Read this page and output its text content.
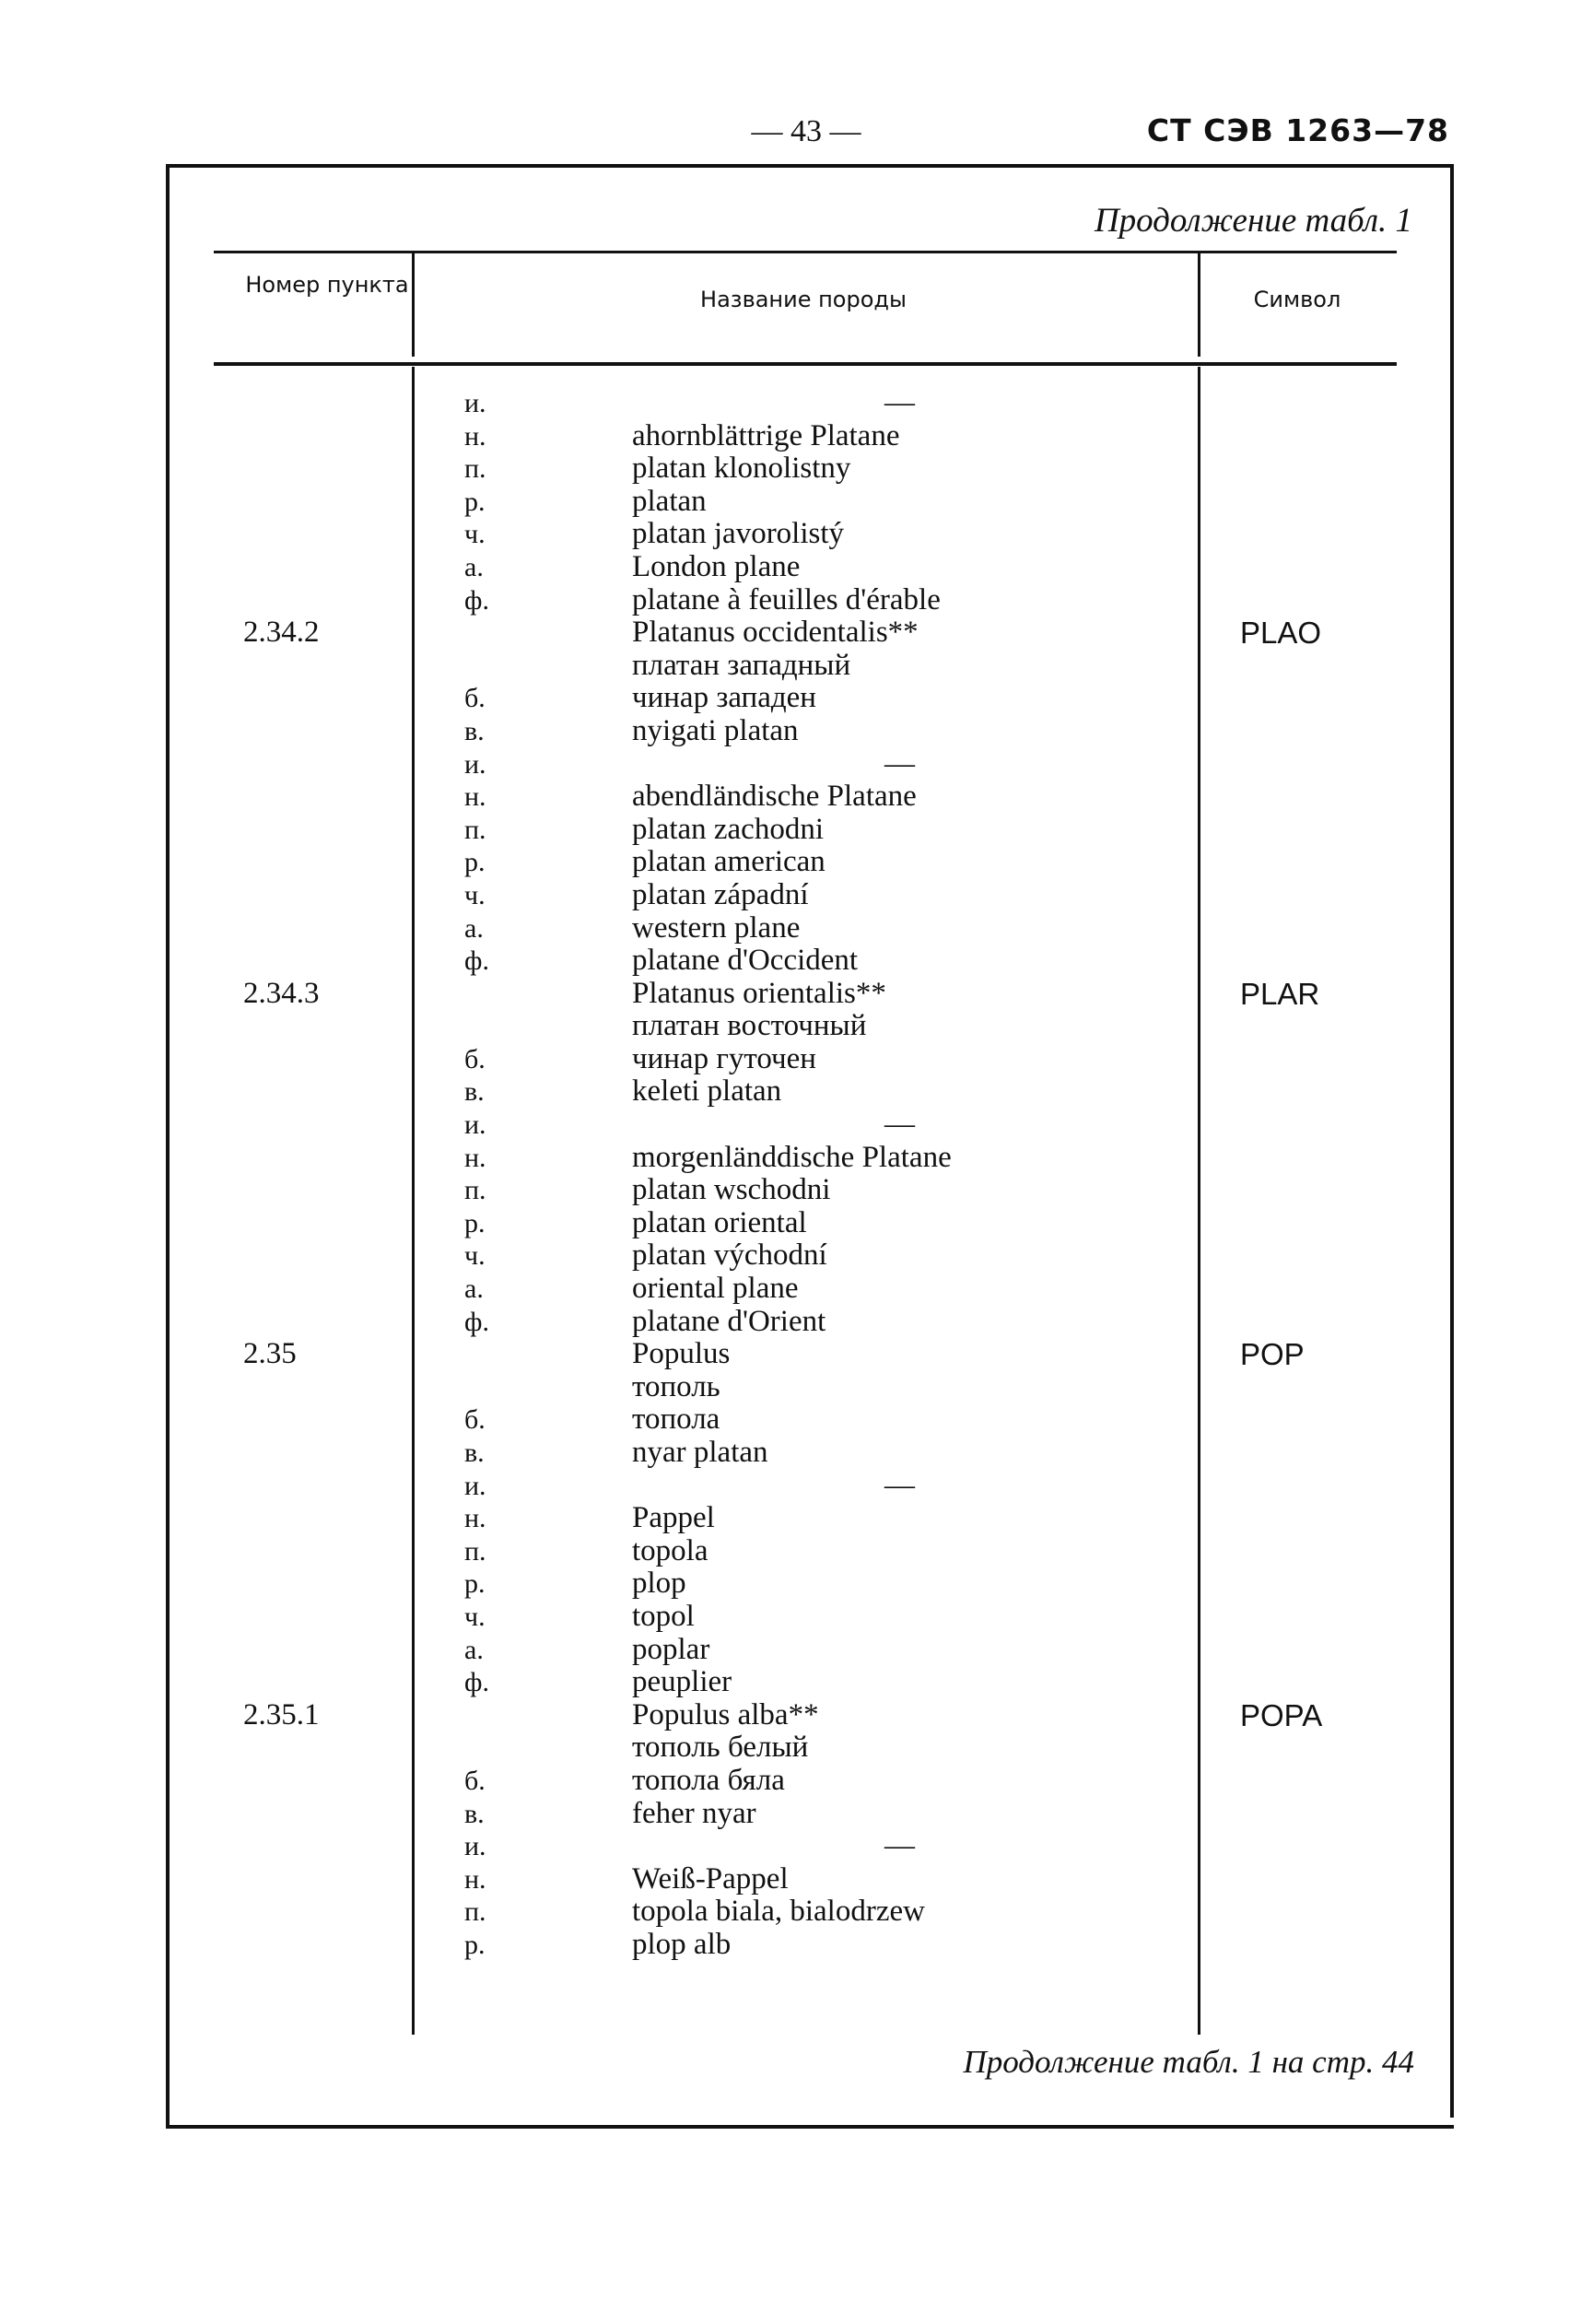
— 43 —	СТ СЭВ 1263—78
Продолжение табл. 1
Номер пункта
Название породы	Символ
и.	—
н.	ahornblättrige Platane
п.	platan klonolistny
р.	platan
ч.	platan javorolistý
а.	London plane
ф.	platane à feuilles d'érable
2.34.2	Platanus occidentalis**	PLAO
платан западный
б.	чинар западен
в.	nyigati platan
и.	—
н.	abendländische Platane
п.	platan zachodni
р.	platan american
ч.	platan západní
а.	western plane
ф.	platane d'Occident
2.34.3	Platanus orientalis**	PLAR
платан восточный
б.	чинар гуточен
в.	keleti platan
и.	—
н.	morgenländdische Platane
п.	platan wschodni
р.	platan oriental
ч.	platan východní
а.	oriental plane
ф.	platane d'Orient
2.35	Populus	POP
тополь
б.	топола
в.	nyar platan
и.	—
н.	Pappel
п.	topola
р.	plop
ч.	topol
а.	poplar
ф.	peuplier
2.35.1	Populus alba**	POPA
тополь белый
б.	топола бяла
в.	feher nyar
и.	—
н.	Weiß-Pappel
п.	topola biala, bialodrzew
р.	plop alb
Продолжение табл. 1 на стр. 44
